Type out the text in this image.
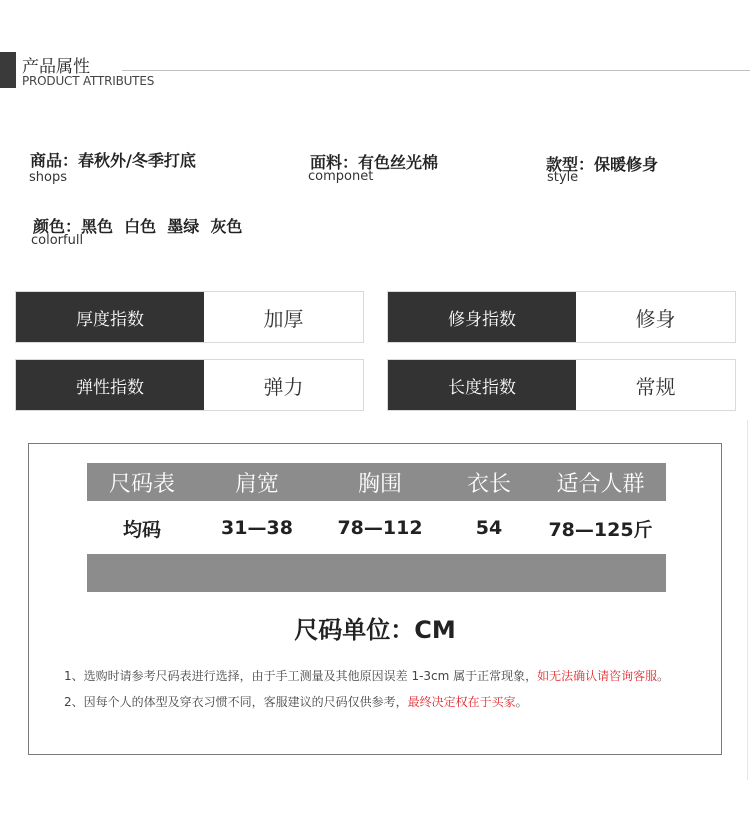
产品属性
PRODUCT ATTRIBUTES
商品：春秋外/冬季打底
shops
面料：有色丝光棉
componet
款型：保暖修身
style
颜色：黑色  白色  墨绿  灰色
colorfull
厚度指数	加厚	修身指数	修身
弹性指数	弹力	长度指数	常规
尺码表	肩宽	胸围	衣长	适合人群
均码	31—38	78—112	54	78—125斤
尺码单位：CM
1、选购时请参考尺码表进行选择，由于手工测量及其他原因误差 1-3cm 属于正常现象，如无法确认请咨询客服。
2、因每个人的体型及穿衣习惯不同，客服建议的尺码仅供参考，最终决定权在于买家。
